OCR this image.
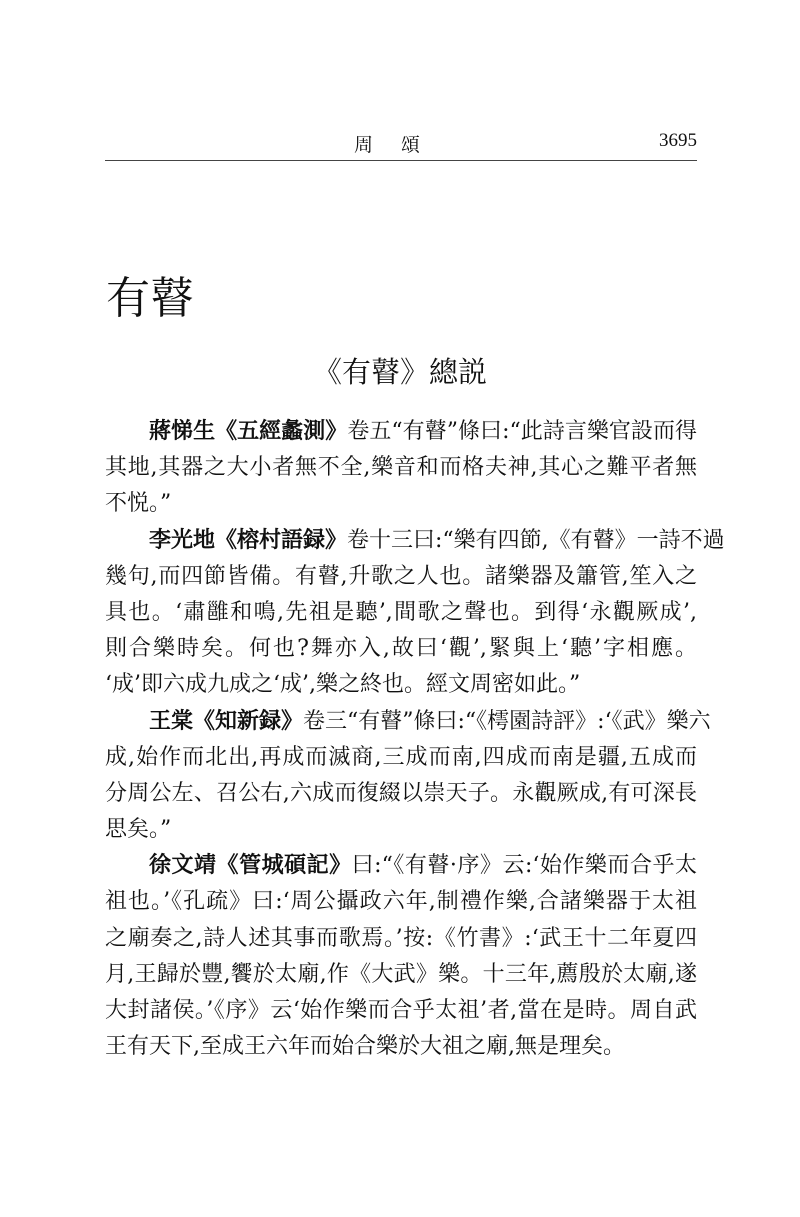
周頌	3695
有瞽
《有瞽》總説
蔣悌生《五經蠡測》卷五“有瞽”條曰:“此詩言樂官設而得
其地,其器之大小者無不全,樂音和而格夫神,其心之難平者無
不悦。”
李光地《榕村語録》卷十三曰:“樂有四節,《有瞽》一詩不過
幾句,而四節皆備。有瞽,升歌之人也。諸樂器及簫管,笙入之
具也。‘肅雝和鳴,先祖是聽’,間歌之聲也。到得‘永觀厥成’,
則合樂時矣。何也?舞亦入,故曰‘觀’,緊與上‘聽’字相應。
‘成’即六成九成之‘成’,樂之終也。經文周密如此。”
王棠《知新録》卷三“有瞽”條曰:“《樗園詩評》:‘《武》樂六
成,始作而北出,再成而滅商,三成而南,四成而南是疆,五成而
分周公左、召公右,六成而復綴以崇天子。永觀厥成,有可深長
思矣。”
徐文靖《管城碩記》曰:“《有瞽·序》云:‘始作樂而合乎太
祖也。’《孔疏》曰:‘周公攝政六年,制禮作樂,合諸樂器于太祖
之廟奏之,詩人述其事而歌焉。’按:《竹書》:‘武王十二年夏四
月,王歸於豐,饗於太廟,作《大武》樂。十三年,薦殷於太廟,遂
大封諸侯。’《序》云‘始作樂而合乎太祖’者,當在是時。周自武
王有天下,至成王六年而始合樂於大祖之廟,無是理矣。
